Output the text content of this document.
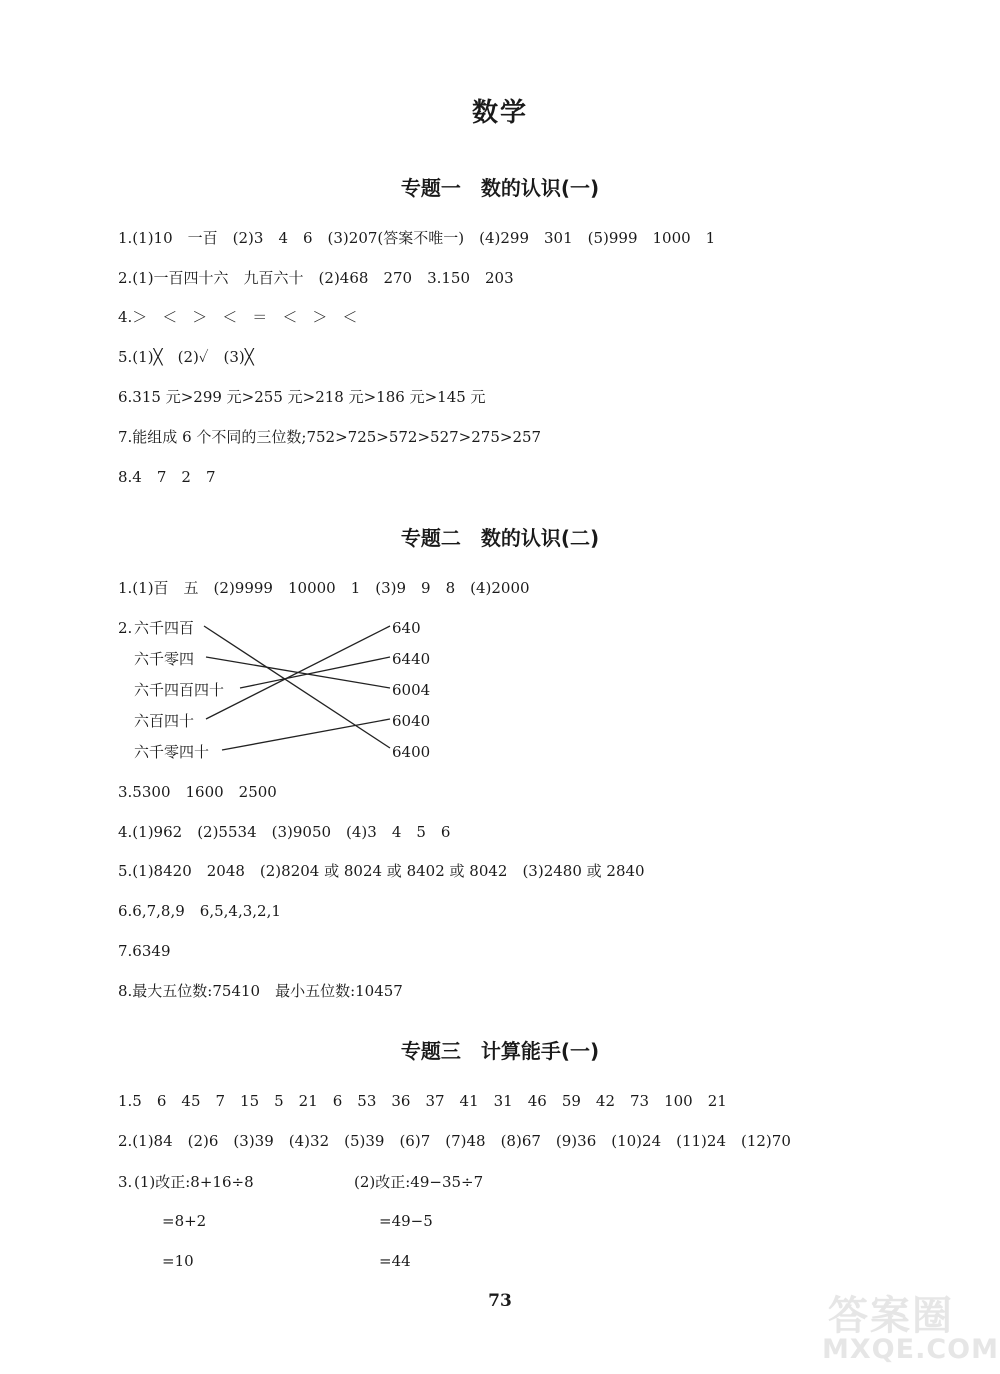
数学
专题一　数的认识(一)
1.(1)10　一百　(2)3　4　6　(3)207(答案不唯一)　(4)299　301　(5)999　1000　1
2.(1)一百四十六　九百六十　(2)468　270　3.150　203
4.＞　＜　＞　＜　＝　＜　＞　＜
5.(1)╳　(2)✓　(3)╳
6.315 元>299 元>255 元>218 元>186 元>145 元
7.能组成 6 个不同的三位数;752>725>572>527>275>257
8.4　7　2　7
专题二　数的认识(二)
1.(1)百　五　(2)9999　10000　1　(3)9　9　8　(4)2000
2. 六千四百
六千零四
六千四百四十
六百四十
六千零四十
640
6440
6004
6040
6400
3.5300　1600　2500
4.(1)962　(2)5534　(3)9050　(4)3　4　5　6
5.(1)8420　2048　(2)8204 或 8024 或 8402 或 8042　(3)2480 或 2840
6.6,7,8,9　6,5,4,3,2,1
7.6349
8.最大五位数:75410　最小五位数:10457
专题三　计算能手(一)
1.5　6　45　7　15　5　21　6　53　36　37　41　31　46　59　42　73　100　21
2.(1)84　(2)6　(3)39　(4)32　(5)39　(6)7　(7)48　(8)67　(9)36　(10)24　(11)24　(12)70
3. (1)改正:8+16÷8
=8+2
=10
(2)改正:49−35÷7
=49−5
=44
73	答案圈
MXQE.COM
